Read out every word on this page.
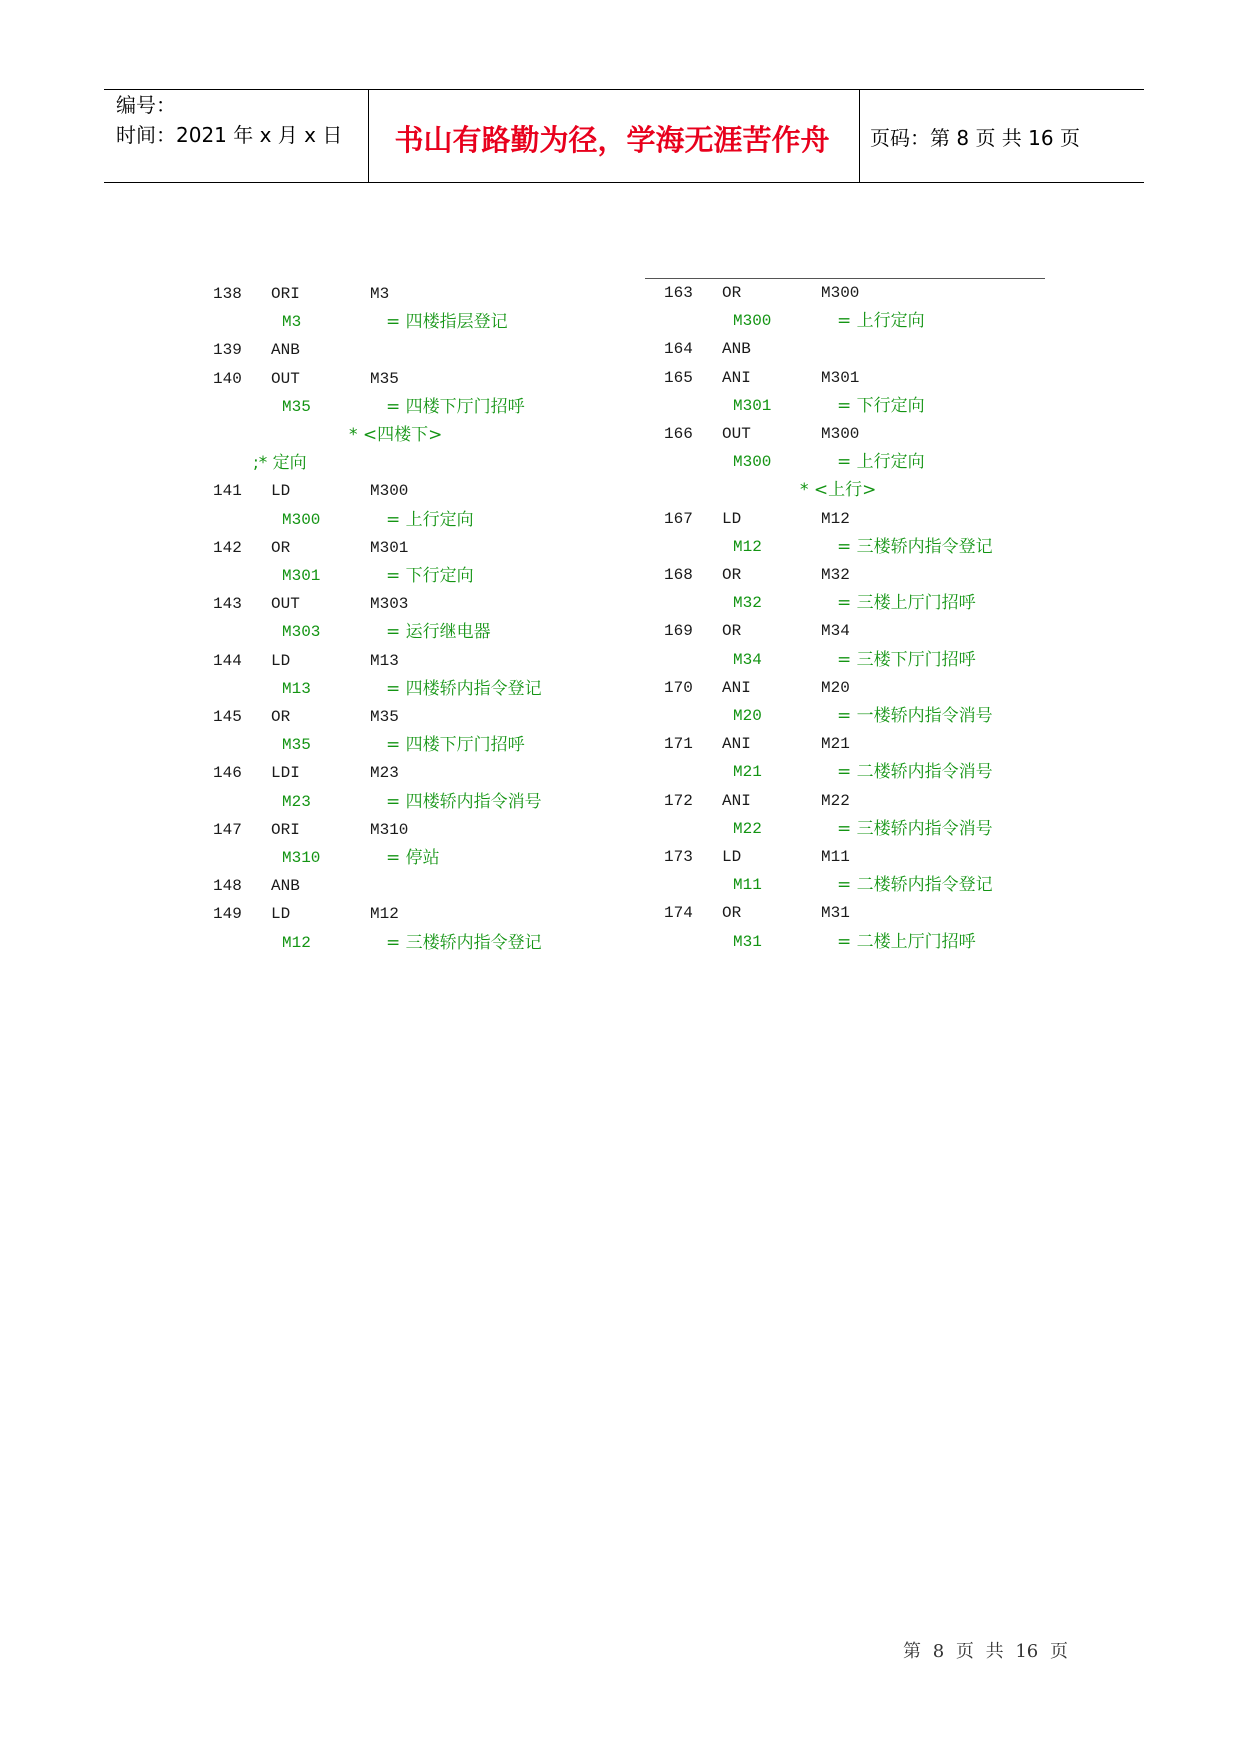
编号：
时间：2021 年 x 月 x 日	书山有路勤为径，学海无涯苦作舟	页码：第 8 页 共 16 页
138 ORI	M3
M3	= 四楼指层登记
139 ANB
140 OUT	M35
M35	= 四楼下厅门招呼
* <四楼下>
;* 定向
141 LD	M300
M300	= 上行定向
142 OR	M301
M301	= 下行定向
143 OUT	M303
M303	= 运行继电器
144 LD	M13
M13	= 四楼轿内指令登记
145 OR	M35
M35	= 四楼下厅门招呼
146 LDI	M23
M23	= 四楼轿内指令消号
147 ORI	M310
M310	= 停站
148 ANB
149 LD	M12
M12	= 三楼轿内指令登记
163 OR	M300
M300	= 上行定向
164 ANB
165 ANI	M301
M301	= 下行定向
166 OUT	M300
M300	= 上行定向
* <上行>
167 LD	M12
M12	= 三楼轿内指令登记
168 OR	M32
M32	= 三楼上厅门招呼
169 OR	M34
M34	= 三楼下厅门招呼
170 ANI	M20
M20	= 一楼轿内指令消号
171 ANI	M21
M21	= 二楼轿内指令消号
172 ANI	M22
M22	= 三楼轿内指令消号
173 LD	M11
M11	= 二楼轿内指令登记
174 OR	M31
M31	= 二楼上厅门招呼
第 8 页 共 16 页
